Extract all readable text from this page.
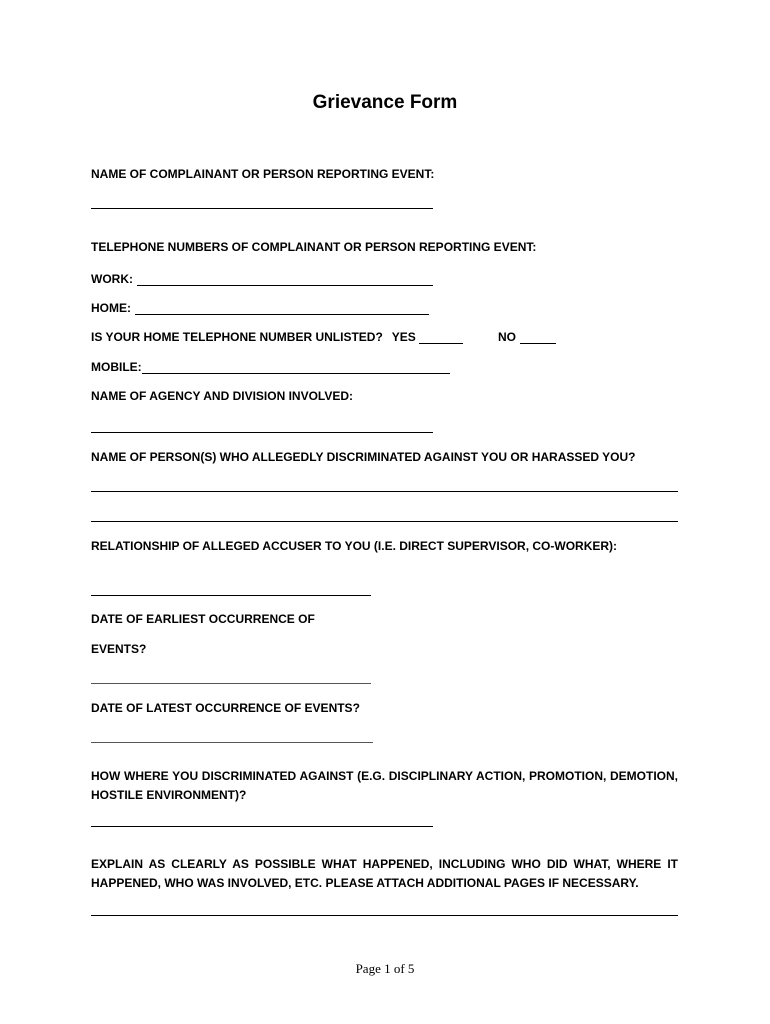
Grievance Form
NAME OF COMPLAINANT OR PERSON REPORTING EVENT:
TELEPHONE NUMBERS OF COMPLAINANT OR PERSON REPORTING EVENT:
WORK:
HOME:
IS YOUR HOME TELEPHONE NUMBER UNLISTED? YES	NO
MOBILE:
NAME OF AGENCY AND DIVISION INVOLVED:
NAME OF PERSON(S) WHO ALLEGEDLY DISCRIMINATED AGAINST YOU OR HARASSED YOU?
RELATIONSHIP OF ALLEGED ACCUSER TO YOU (I.E. DIRECT SUPERVISOR, CO-WORKER):
DATE OF EARLIEST OCCURRENCE OF
EVENTS?
DATE OF LATEST OCCURRENCE OF EVENTS?
HOW WHERE YOU DISCRIMINATED AGAINST (E.G. DISCIPLINARY ACTION, PROMOTION, DEMOTION, HOSTILE ENVIRONMENT)?
EXPLAIN AS CLEARLY AS POSSIBLE WHAT HAPPENED, INCLUDING WHO DID WHAT, WHERE IT HAPPENED, WHO WAS INVOLVED, ETC. PLEASE ATTACH ADDITIONAL PAGES IF NECESSARY.
Page 1 of 5
